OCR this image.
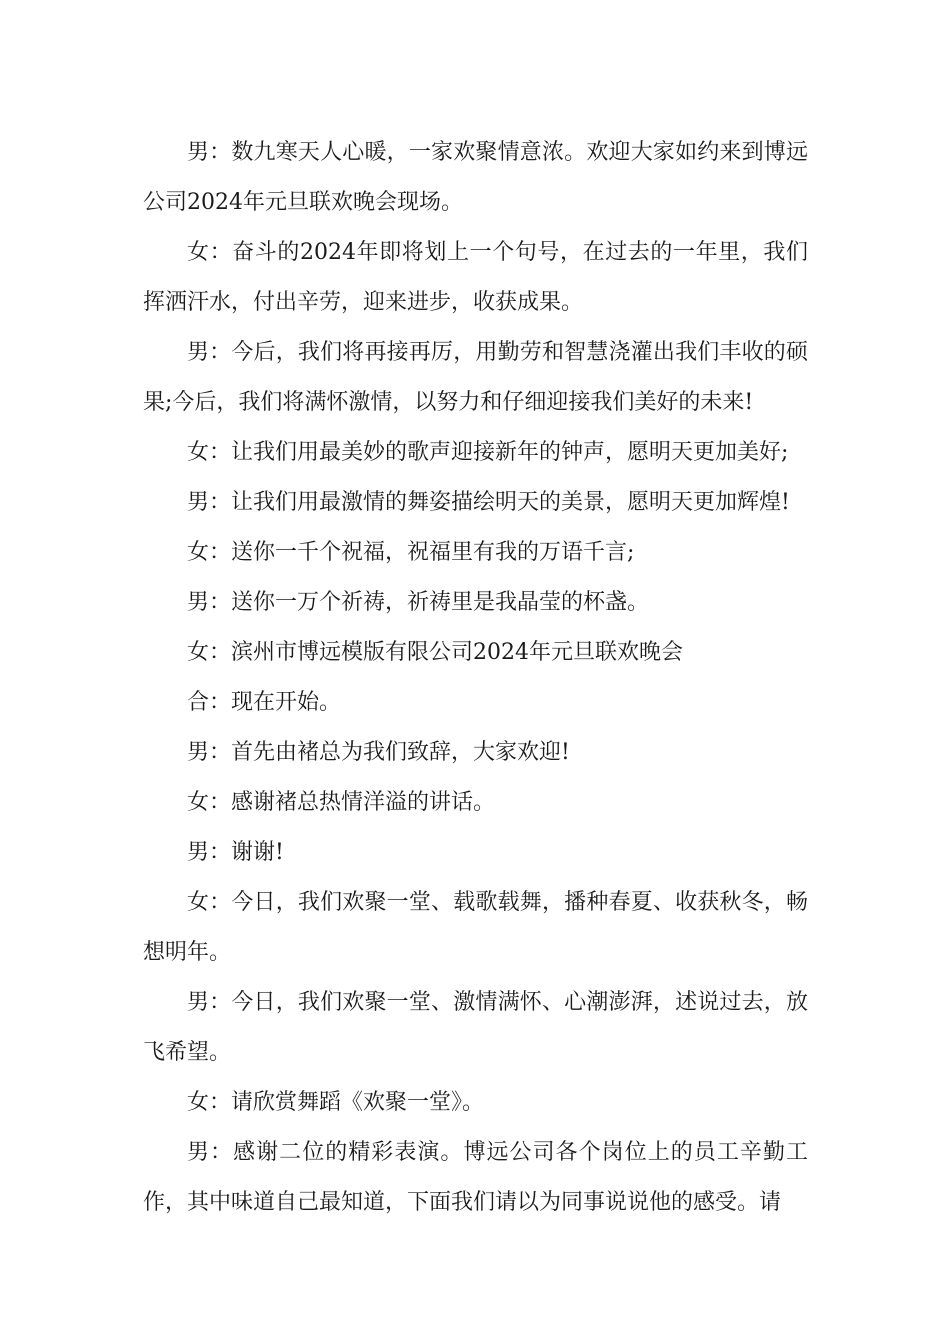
男：数九寒天人心暖，一家欢聚情意浓。欢迎大家如约来到博远公司2024年元旦联欢晚会现场。

女：奋斗的2024年即将划上一个句号，在过去的一年里，我们挥洒汗水，付出辛劳，迎来进步，收获成果。

男：今后，我们将再接再厉，用勤劳和智慧浇灌出我们丰收的硕果;今后，我们将满怀激情，以努力和仔细迎接我们美好的未来!

女：让我们用最美妙的歌声迎接新年的钟声，愿明天更加美好;

男：让我们用最激情的舞姿描绘明天的美景，愿明天更加辉煌!

女：送你一千个祝福，祝福里有我的万语千言;

男：送你一万个祈祷，祈祷里是我晶莹的杯盏。

女：滨州市博远模版有限公司2024年元旦联欢晚会

合：现在开始。

男：首先由褚总为我们致辞，大家欢迎!

女：感谢褚总热情洋溢的讲话。

男：谢谢!

女：今日，我们欢聚一堂、载歌载舞，播种春夏、收获秋冬，畅想明年。

男：今日，我们欢聚一堂、激情满怀、心潮澎湃，述说过去，放飞希望。

女：请欣赏舞蹈《欢聚一堂》。

男：感谢二位的精彩表演。博远公司各个岗位上的员工辛勤工作，其中味道自己最知道，下面我们请以为同事说说他的感受。请
